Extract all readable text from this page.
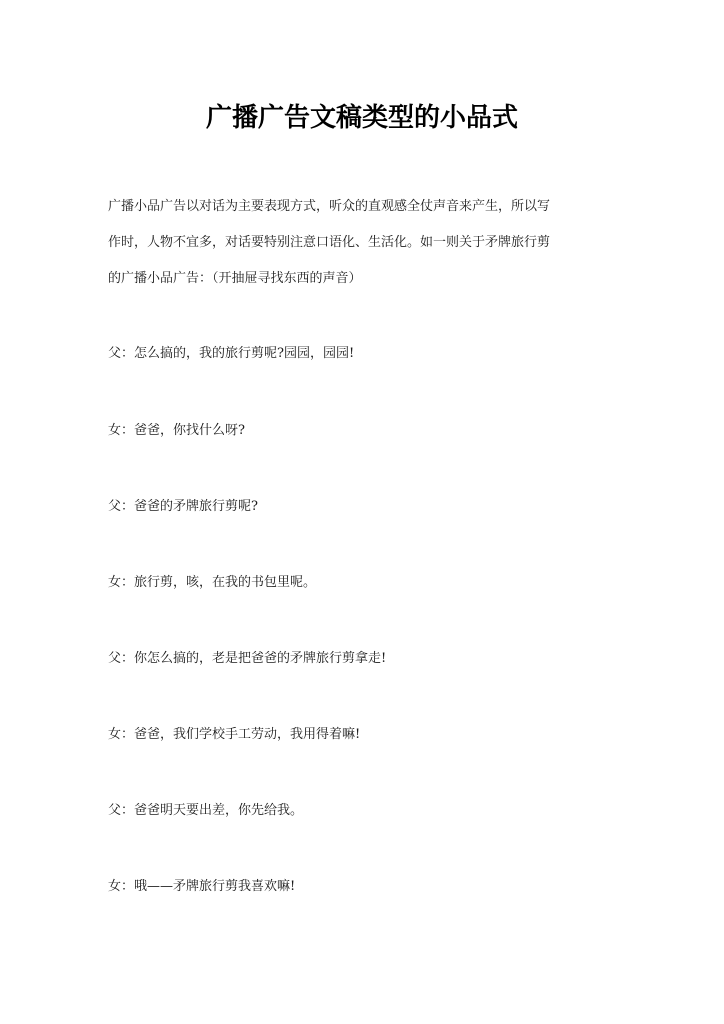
广播广告文稿类型的小品式

广播小品广告以对话为主要表现方式，听众的直观感全仗声音来产生，所以写
作时，人物不宜多，对话要特别注意口语化、生活化。如一则关于矛牌旅行剪
的广播小品广告：（开抽屉寻找东西的声音）

父：怎么搞的，我的旅行剪呢?园园，园园!

女：爸爸，你找什么呀?

父：爸爸的矛牌旅行剪呢?

女：旅行剪，咳，在我的书包里呢。

父：你怎么搞的，老是把爸爸的矛牌旅行剪拿走!

女：爸爸，我们学校手工劳动，我用得着嘛!

父：爸爸明天要出差，你先给我。

女：哦——矛牌旅行剪我喜欢嘛!
